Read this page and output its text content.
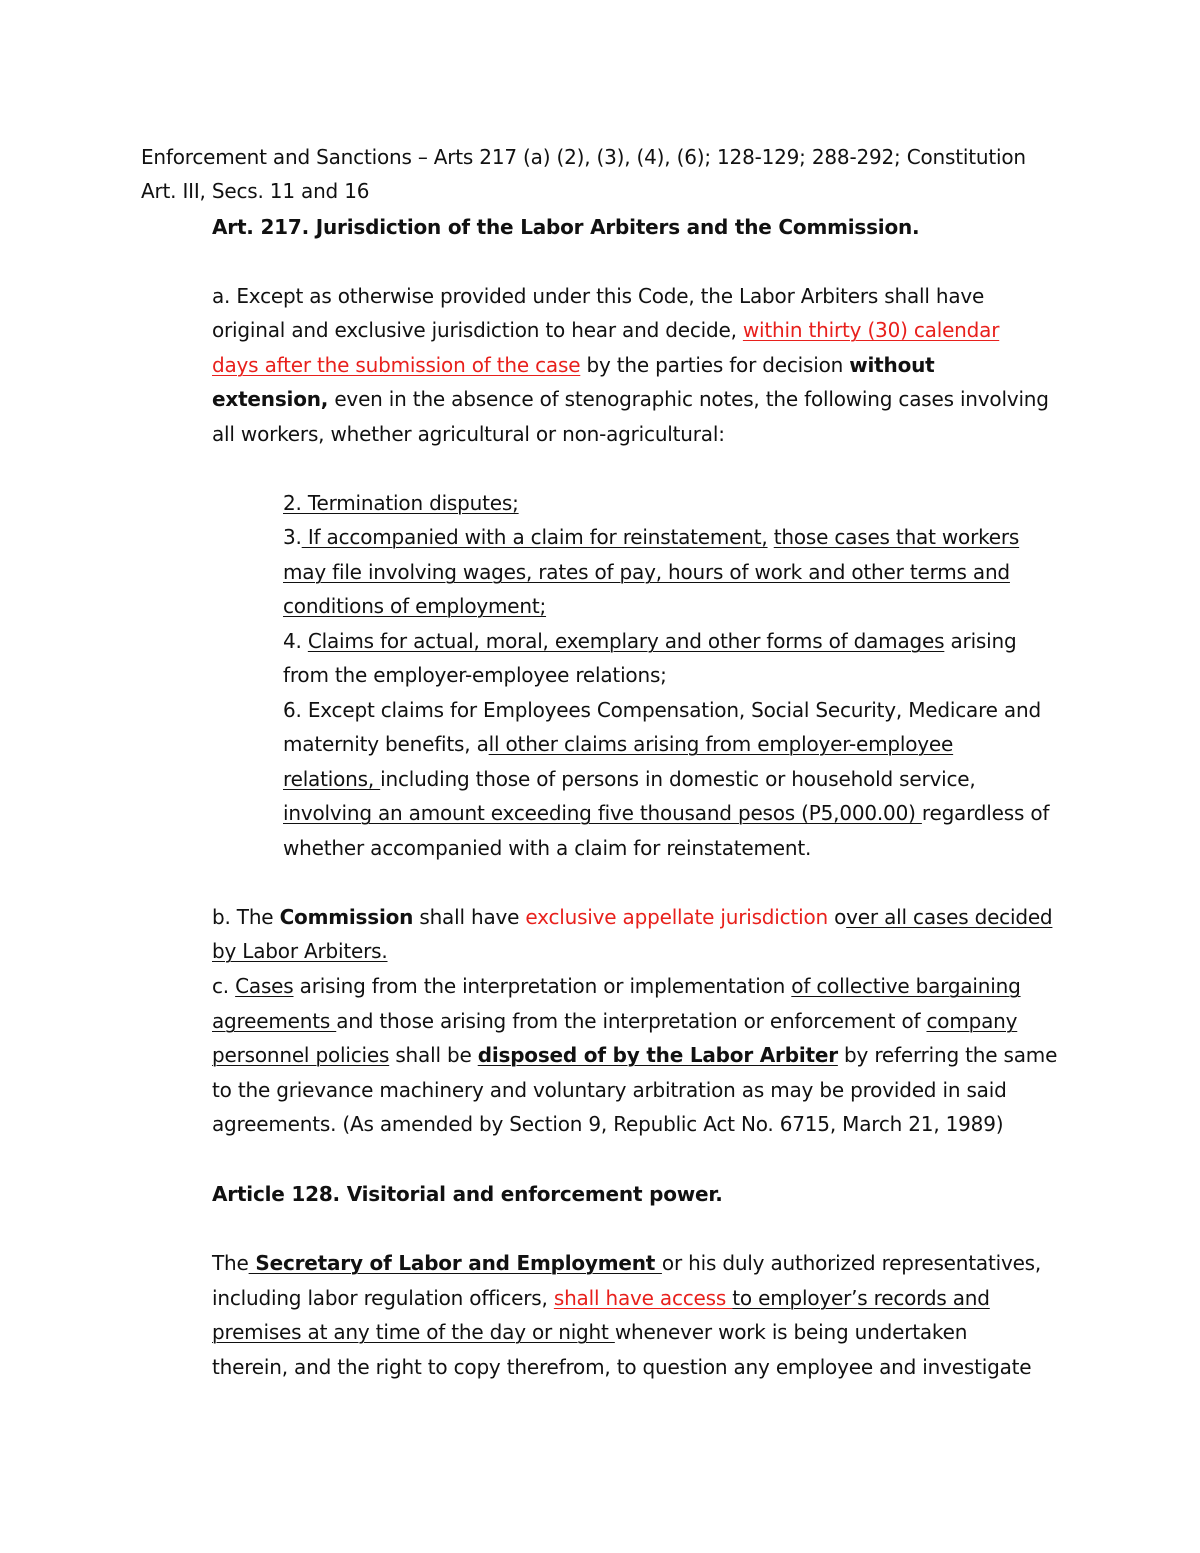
Enforcement and Sanctions – Arts 217 (a) (2), (3), (4), (6); 128-129; 288-292; Constitution
Art. III, Secs. 11 and 16
Art. 217. Jurisdiction of the Labor Arbiters and the Commission.
a. Except as otherwise provided under this Code, the Labor Arbiters shall have
original and exclusive jurisdiction to hear and decide, within thirty (30) calendar
days after the submission of the case by the parties for decision without
extension, even in the absence of stenographic notes, the following cases involving
all workers, whether agricultural or non-agricultural:
2. Termination disputes;
3. If accompanied with a claim for reinstatement, those cases that workers
may file involving wages, rates of pay, hours of work and other terms and
conditions of employment;
4. Claims for actual, moral, exemplary and other forms of damages arising
from the employer-employee relations;
6. Except claims for Employees Compensation, Social Security, Medicare and
maternity benefits, all other claims arising from employer-employee
relations, including those of persons in domestic or household service,
involving an amount exceeding five thousand pesos (P5,000.00) regardless of
whether accompanied with a claim for reinstatement.
b. The Commission shall have exclusive appellate jurisdiction over all cases decided
by Labor Arbiters.
c. Cases arising from the interpretation or implementation of collective bargaining
agreements and those arising from the interpretation or enforcement of company
personnel policies shall be disposed of by the Labor Arbiter by referring the same
to the grievance machinery and voluntary arbitration as may be provided in said
agreements. (As amended by Section 9, Republic Act No. 6715, March 21, 1989)
Article 128. Visitorial and enforcement power.
The Secretary of Labor and Employment or his duly authorized representatives,
including labor regulation officers, shall have access to employer’s records and
premises at any time of the day or night whenever work is being undertaken
therein, and the right to copy therefrom, to question any employee and investigate
